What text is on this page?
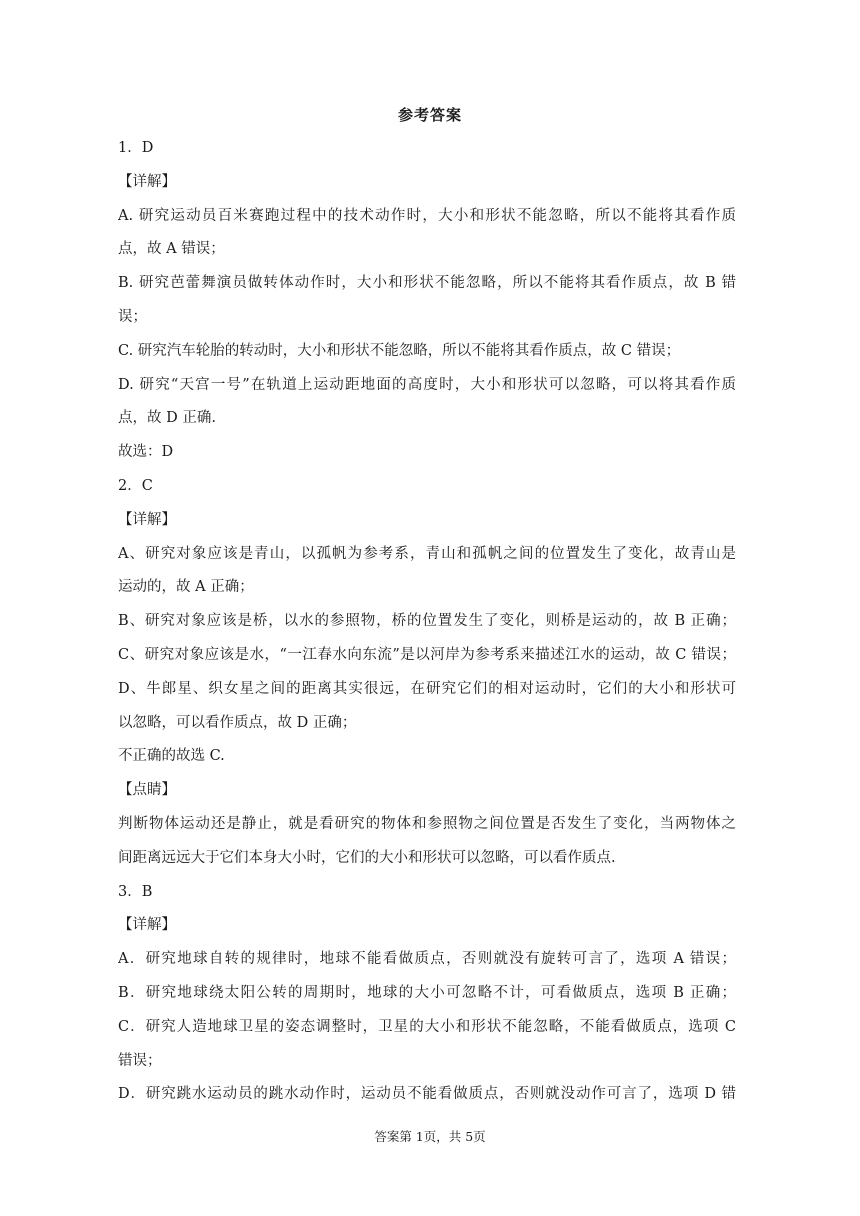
参考答案
1．D
【详解】
A. 研究运动员百米赛跑过程中的技术动作时，大小和形状不能忽略，所以不能将其看作质
点，故 A 错误；
B. 研究芭蕾舞演员做转体动作时，大小和形状不能忽略，所以不能将其看作质点，故 B 错
误；
C. 研究汽车轮胎的转动时，大小和形状不能忽略，所以不能将其看作质点，故 C 错误；
D. 研究“天宫一号”在轨道上运动距地面的高度时，大小和形状可以忽略，可以将其看作质
点，故 D 正确.
故选：D
2．C
【详解】
A、研究对象应该是青山，以孤帆为参考系，青山和孤帆之间的位置发生了变化，故青山是
运动的，故 A 正确；
B、研究对象应该是桥，以水的参照物，桥的位置发生了变化，则桥是运动的，故 B 正确；
C、研究对象应该是水，“一江春水向东流”是以河岸为参考系来描述江水的运动，故 C 错误；
D、牛郎星、织女星之间的距离其实很远，在研究它们的相对运动时，它们的大小和形状可
以忽略，可以看作质点，故 D 正确；
不正确的故选 C.
【点睛】
判断物体运动还是静止，就是看研究的物体和参照物之间位置是否发生了变化，当两物体之
间距离远远大于它们本身大小时，它们的大小和形状可以忽略，可以看作质点.
3．B
【详解】
A．研究地球自转的规律时，地球不能看做质点，否则就没有旋转可言了，选项 A 错误；
B．研究地球绕太阳公转的周期时，地球的大小可忽略不计，可看做质点，选项 B 正确；
C．研究人造地球卫星的姿态调整时，卫星的大小和形状不能忽略，不能看做质点，选项 C
错误；
D．研究跳水运动员的跳水动作时，运动员不能看做质点，否则就没动作可言了，选项 D 错
答案第 1页，共 5页
